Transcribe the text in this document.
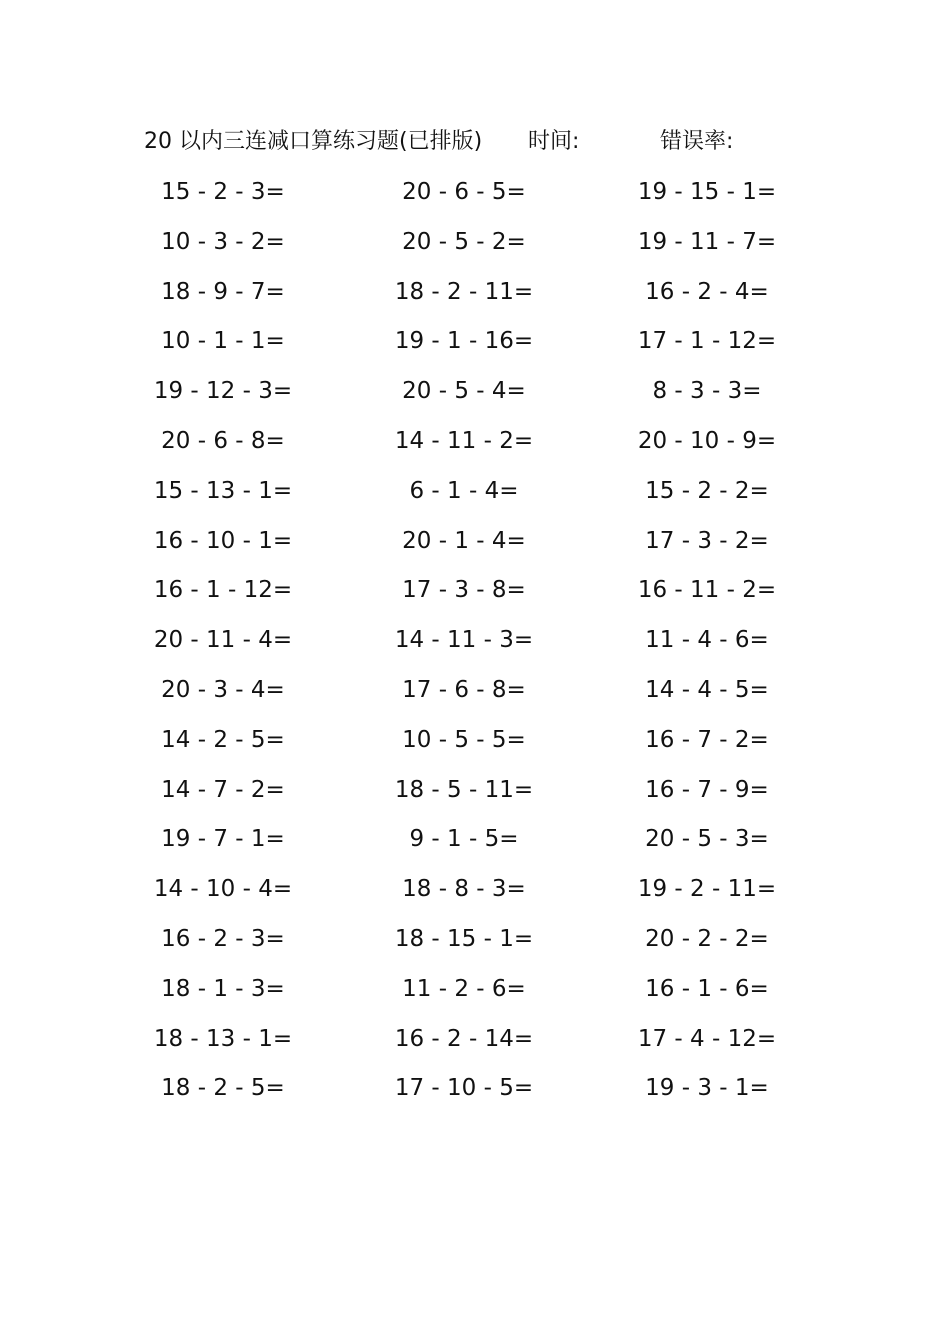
20 以内三连减口算练习题(已排版) 时间:	错误率:
15 - 2 - 3=	20 - 6 - 5=	19 - 15 - 1=
10 - 3 - 2=	20 - 5 - 2=	19 - 11 - 7=
18 - 9 - 7=	18 - 2 - 11=	16 - 2 - 4=
10 - 1 - 1=	19 - 1 - 16=	17 - 1 - 12=
19 - 12 - 3=	20 - 5 - 4=	8 - 3 - 3=
20 - 6 - 8=	14 - 11 - 2=	20 - 10 - 9=
15 - 13 - 1=	6 - 1 - 4=	15 - 2 - 2=
16 - 10 - 1=	20 - 1 - 4=	17 - 3 - 2=
16 - 1 - 12=	17 - 3 - 8=	16 - 11 - 2=
20 - 11 - 4=	14 - 11 - 3=	11 - 4 - 6=
20 - 3 - 4=	17 - 6 - 8=	14 - 4 - 5=
14 - 2 - 5=	10 - 5 - 5=	16 - 7 - 2=
14 - 7 - 2=	18 - 5 - 11=	16 - 7 - 9=
19 - 7 - 1=	9 - 1 - 5=	20 - 5 - 3=
14 - 10 - 4=	18 - 8 - 3=	19 - 2 - 11=
16 - 2 - 3=	18 - 15 - 1=	20 - 2 - 2=
18 - 1 - 3=	11 - 2 - 6=	16 - 1 - 6=
18 - 13 - 1=	16 - 2 - 14=	17 - 4 - 12=
18 - 2 - 5=	17 - 10 - 5=	19 - 3 - 1=
